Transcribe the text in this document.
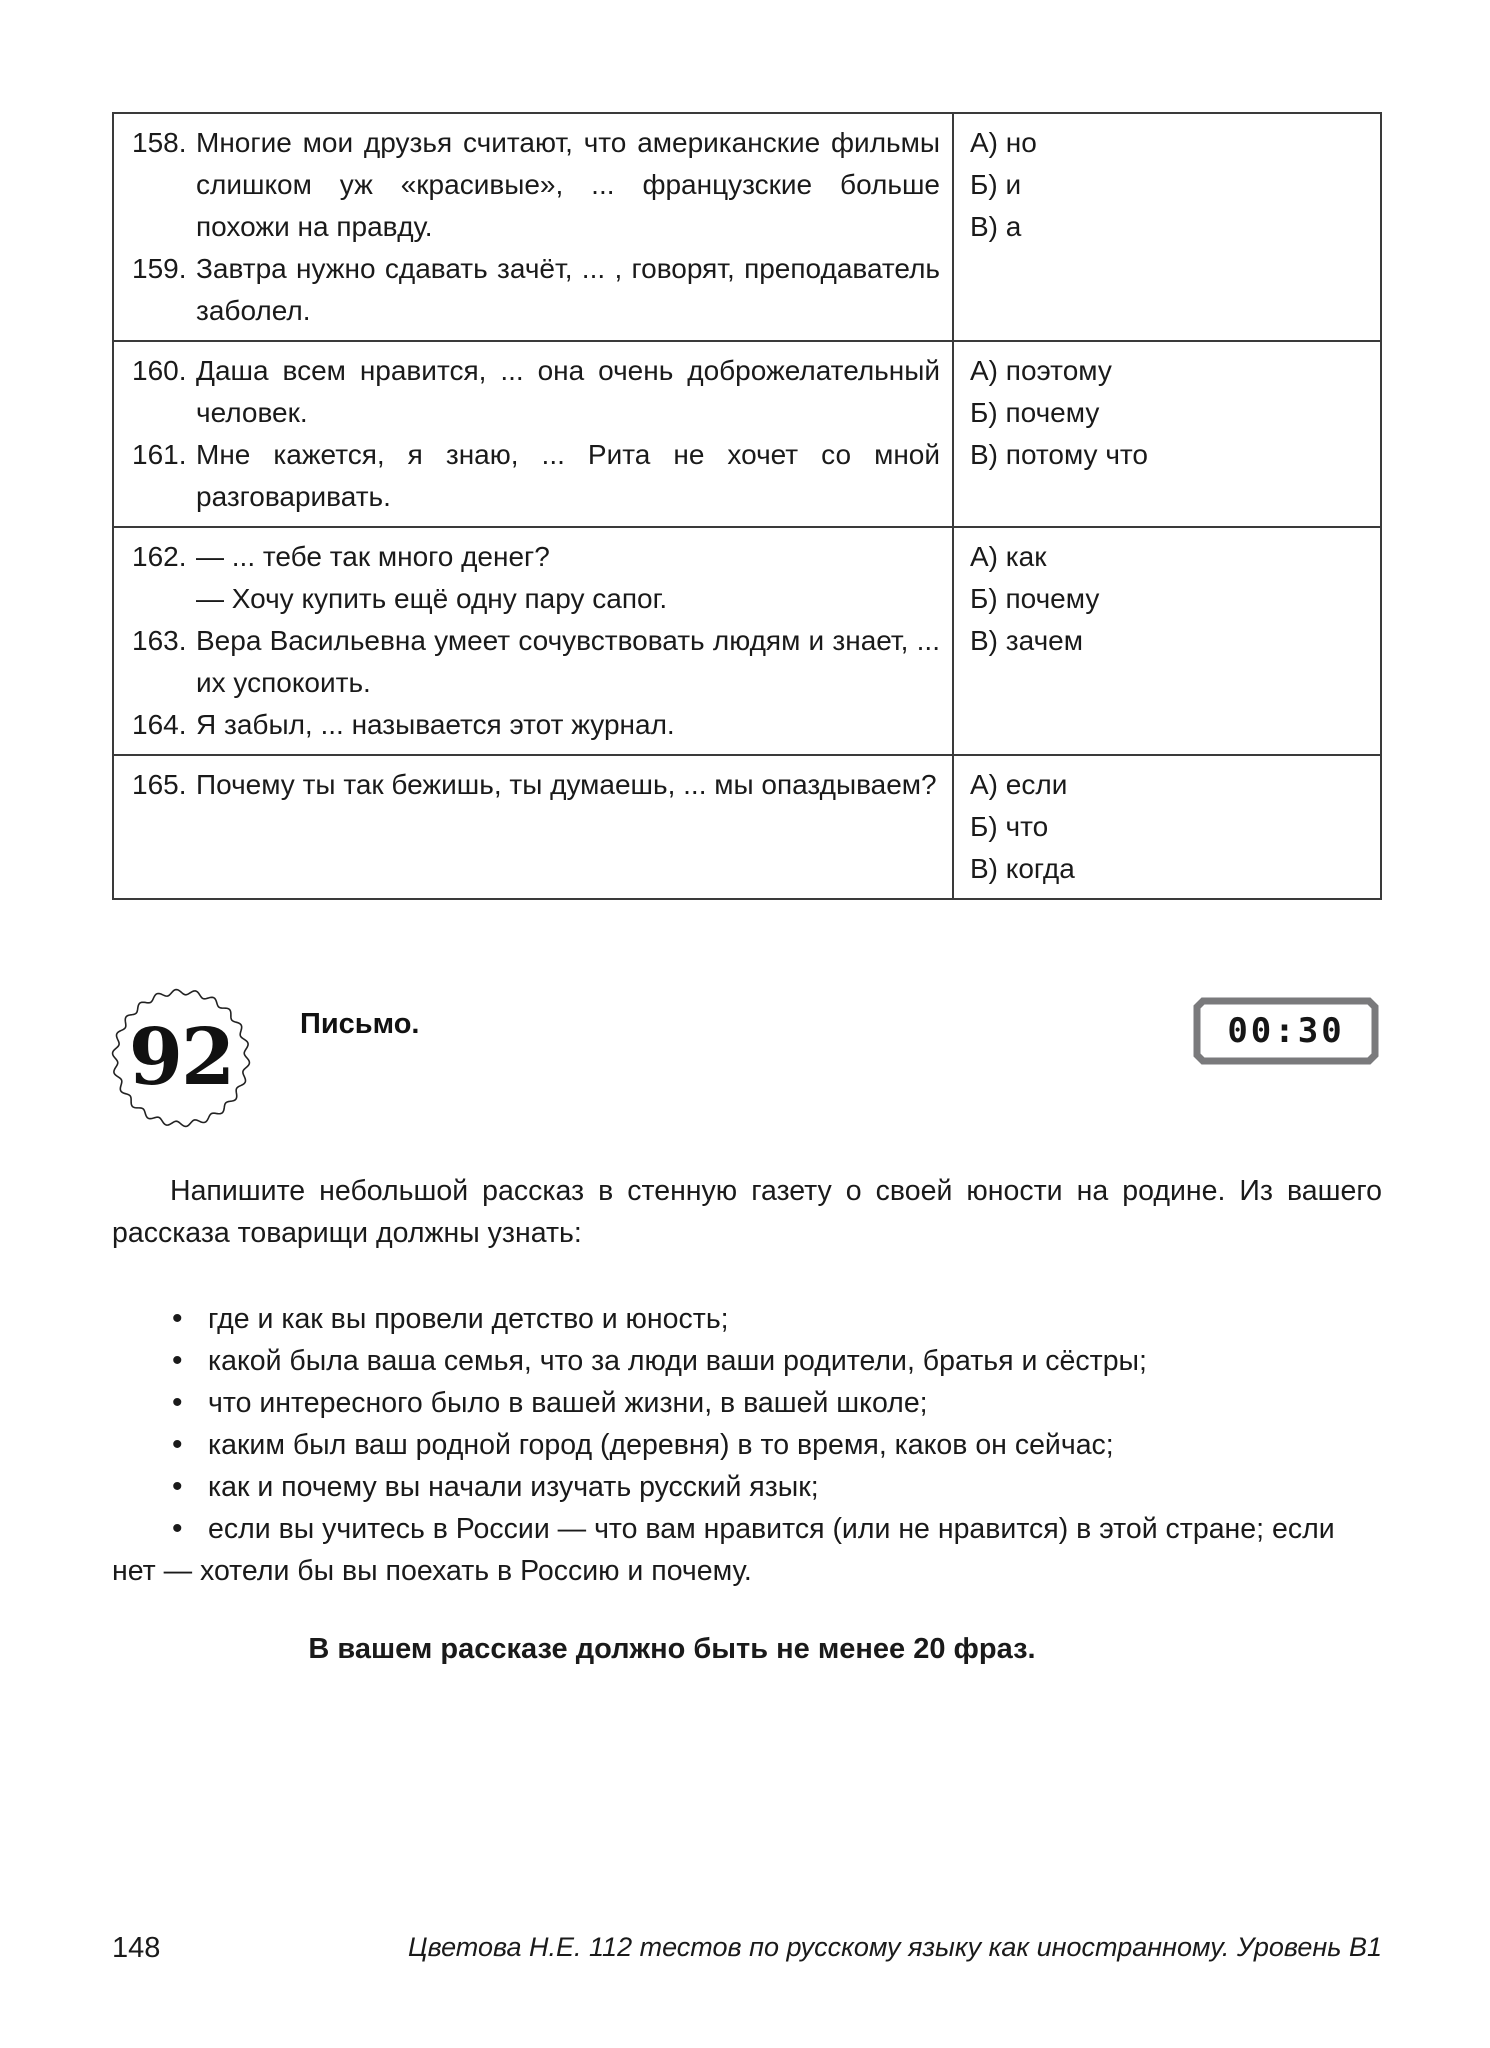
158. Многие мои друзья считают, что американские фильмы слишком уж «красивые», ... французские больше похожи на правду.
159. Завтра нужно сдавать зачёт, ... , говорят, преподаватель заболел.

А) но
Б) и
В) а

160. Даша всем нравится, ... она очень доброжелательный человек.
161. Мне кажется, я знаю, ... Рита не хочет со мной разговаривать.

А) поэтому
Б) почему
В) потому что

162. — ... тебе так много денег?
— Хочу купить ещё одну пару сапог.
163. Вера Васильевна умеет сочувствовать людям и знает, ... их успокоить.
164. Я забыл, ... называется этот журнал.

А) как
Б) почему
В) зачем

165. Почему ты так бежишь, ты думаешь, ... мы опаздываем?	А) если
Б) что
В) когда
92	Письмо.	00:30

Напишите небольшой рассказ в стенную газету о своей юности на родине. Из вашего рассказа товарищи должны узнать:

• где и как вы провели детство и юность;
• какой была ваша семья, что за люди ваши родители, братья и сёстры;
• что интересного было в вашей жизни, в вашей школе;
• каким был ваш родной город (деревня) в то время, каков он сейчас;
• как и почему вы начали изучать русский язык;
• если вы учитесь в России — что вам нравится (или не нравится) в этой стране; если нет — хотели бы вы поехать в Россию и почему.
В вашем рассказе должно быть не менее 20 фраз.
148	Цветова Н.Е. 112 тестов по русскому языку как иностранному. Уровень В1
